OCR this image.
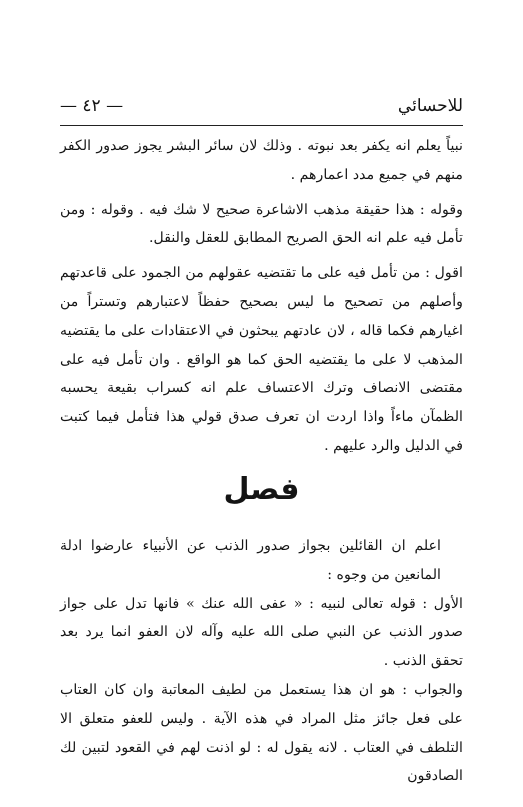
للاحسائي
— ٤٢ —

نبياً يعلم انه يكفر بعد نبوته . وذلك لان سائر البشر يجوز صدور الكفر منهم في جميع مدد اعمارهم .

وقوله : هذا حقيقة مذهب الاشاعرة صحيح لا شك فيه . وقوله : ومن تأمل فيه علم انه الحق الصريح المطابق للعقل والنقل.

اقول : من تأمل فيه على ما تقتضيه عقولهم من الجمود على قاعدتهم وأصلهم من تصحيح ما ليس بصحيح حفظاً لاعتبارهم وتستراً من اغيارهم فكما قاله ، لان عادتهم يبحثون في الاعتقادات على ما يقتضيه المذهب لا على ما يقتضيه الحق كما هو الواقع . وان تأمل فيه على مقتضى الانصاف وترك الاعتساف علم انه كسراب بقيعة يحسبه الظمآن ماءاً واذا اردت ان تعرف صدق قولي هذا فتأمل فيما كتبت في الدليل والرد عليهم .

فصل

اعلم ان القائلين بجواز صدور الذنب عن الأنبياء عارضوا ادلة المانعين من وجوه :

الأول : قوله تعالى لنبيه : « عفى الله عنك » فانها تدل على جواز صدور الذنب عن النبي صلى الله عليه وآله لان العفو انما يرد بعد تحقق الذنب .

والجواب : هو ان هذا يستعمل من لطيف المعاتبة وان كان العتاب على فعل جائز مثل المراد في هذه الآية . وليس للعفو متعلق الا التلطف في العتاب . لانه يقول له : لو اذنت لهم في القعود لتبين لك الصادقون
